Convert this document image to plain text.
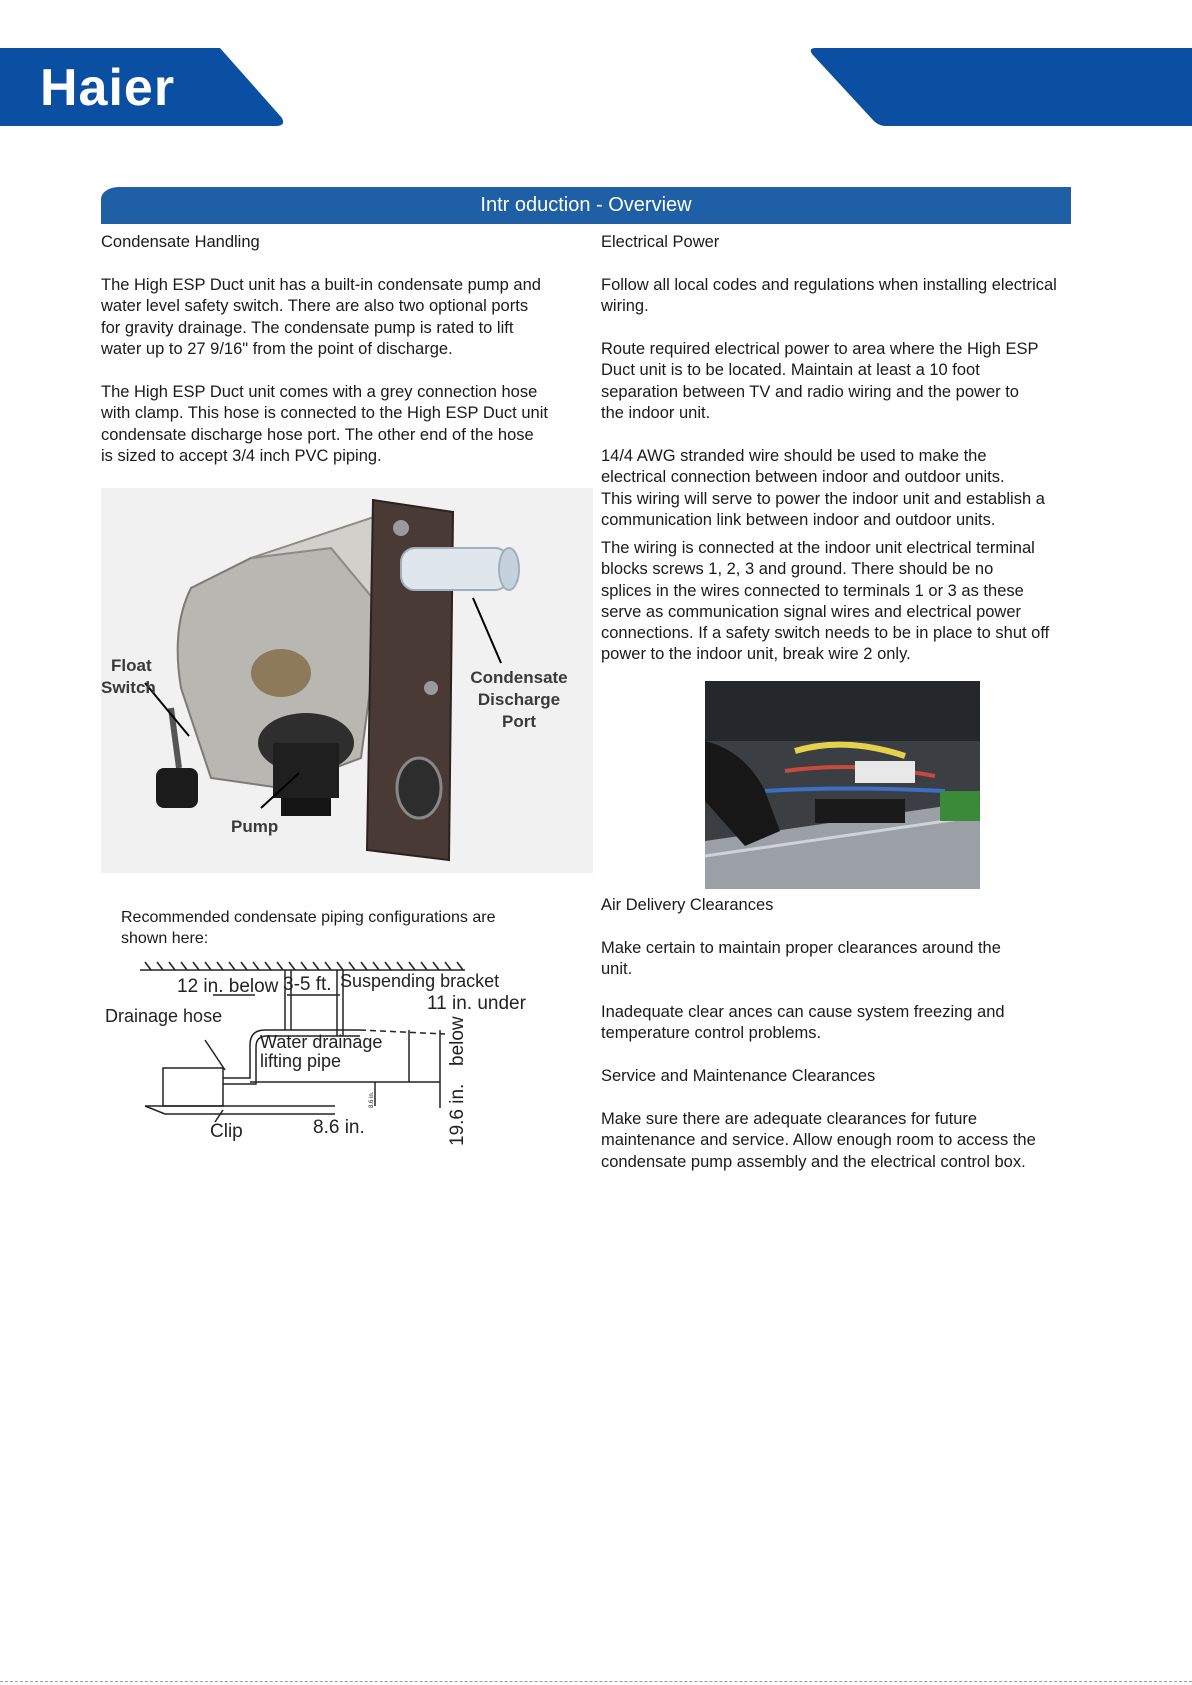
Haier
Intr oduction - Overview
Condensate Handling

The High ESP Duct unit has a built-in condensate pump and

water level safety switch. There are also two optional ports

for gravity drainage. The condensate pump is rated to lift

water up to 27 9/16" from the point of discharge.

The High ESP Duct unit comes with a grey connection hose

with clamp. This hose is connected to the High ESP Duct unit

condensate discharge hose port. The other end of the hose

is sized to accept 3/4 inch PVC piping.

Float
Switch
Condensate
Discharge
Port
Pump
Recommended condensate piping configurations are
shown here:
12 in. below 3-5 ft. Suspending bracket
11 in. under
Drainage hose
Water drainage
lifting pipe	below
19.6 in.
8.6 in.
Clip	8.6 in.
Electrical Power

Follow all local codes and regulations when installing electrical

wiring.

Route required electrical power to area where the High ESP

Duct unit is to be located. Maintain at least a 10 foot

separation between TV and radio wiring and the power to

the indoor unit.

14/4 AWG stranded wire should be used to make the

electrical connection between indoor and outdoor units.

This wiring will serve to power the indoor unit and establish a

communication link between indoor and outdoor units.

The wiring is connected at the indoor unit electrical terminal

blocks screws 1, 2, 3 and ground. There should be no

splices in the wires connected to terminals 1 or 3 as these

serve as communication signal wires and electrical power

connections. If a safety switch needs to be in place to shut off

power to the indoor unit, break wire 2 only.

Air Delivery Clearances

Make certain to maintain proper clearances around the

unit.

Inadequate clear ances can cause system freezing and

temperature control problems.

Service and Maintenance Clearances

Make sure there are adequate clearances for future

maintenance and service. Allow enough room to access the

condensate pump assembly and the electrical control box.
